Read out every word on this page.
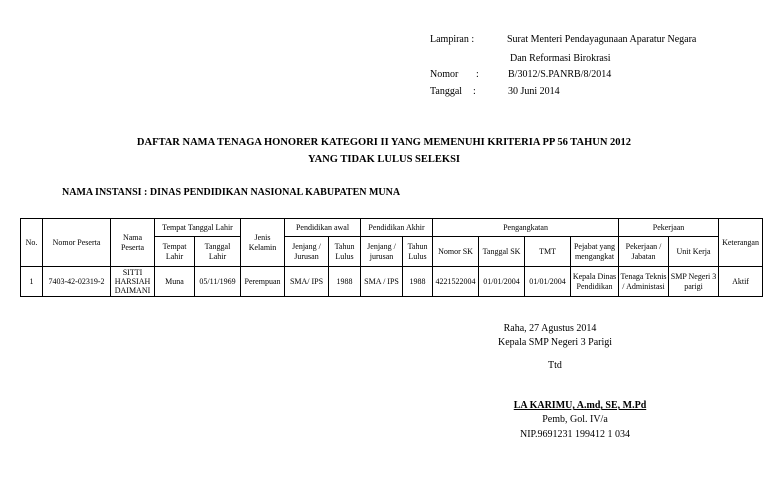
Lampiran :	Surat Menteri Pendayagunaan Aparatur Negara
Dan Reformasi Birokrasi
Nomor :	B/3012/S.PANRB/8/2014
Tanggal :	30 Juni 2014
DAFTAR NAMA TENAGA HONORER KATEGORI II YANG MEMENUHI KRITERIA PP 56 TAHUN 2012
YANG TIDAK LULUS SELEKSI
NAMA INSTANSI : DINAS PENDIDIKAN NASIONAL KABUPATEN MUNA
No.	Nomor Peserta	Nama Peserta	Tempat Tanggal Lahir		Jenis Kelamin	Pendidikan awal		Pendidikan Akhir		Pengangkatan				Pekerjaan		Keterangan
			Tempat Lahir	Tanggal Lahir		Jenjang / Jurusan	Tahun Lulus	Jenjang / jurusan	Tahun Lulus	Nomor SK	Tanggal SK	TMT	Pejabat yang mengangkat	Pekerjaan / Jabatan	Unit Kerja	
1	7403-42-02319-2	SITTI HARSIAH DAIMANI	Muna	05/11/1969	Perempuan	SMA/ IPS	1988	SMA / IPS	1988	4221522004	01/01/2004	01/01/2004	Kepala Dinas Pendidikan	Tenaga Teknis / Administasi	SMP Negeri 3 parigi	Aktif
Raha, 27 Agustus 2014
Kepala SMP Negeri 3 Parigi
Ttd
LA KARIMU, A.md, SE, M.Pd
Pemb, Gol. IV/a
NIP.9691231 199412 1 034
